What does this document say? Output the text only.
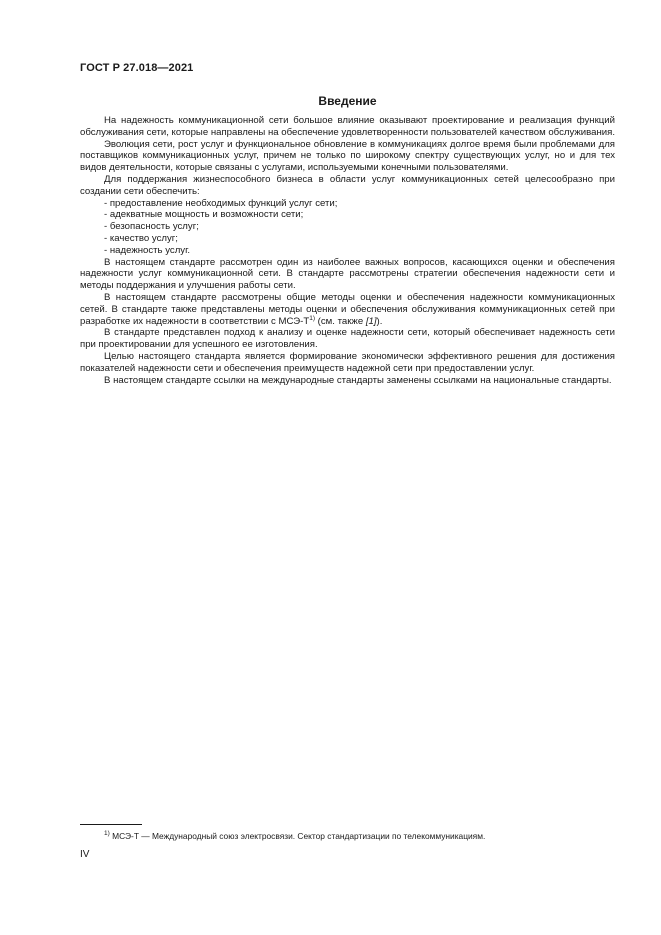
ГОСТ Р 27.018—2021
Введение

На надежность коммуникационной сети большое влияние оказывают проектирование и реализация функций обслуживания сети, которые направлены на обеспечение удовлетворенности пользователей качеством обслуживания.

Эволюция сети, рост услуг и функциональное обновление в коммуникациях долгое время были проблемами для поставщиков коммуникационных услуг, причем не только по широкому спектру существующих услуг, но и для тех видов деятельности, которые связаны с услугами, используемыми конечными пользователями.

Для поддержания жизнеспособного бизнеса в области услуг коммуникационных сетей целесообразно при создании сети обеспечить:

- предоставление необходимых функций услуг сети;

- адекватные мощность и возможности сети;

- безопасность услуг;

- качество услуг;

- надежность услуг.

В настоящем стандарте рассмотрен один из наиболее важных вопросов, касающихся оценки и обеспечения надежности услуг коммуникационной сети. В стандарте рассмотрены стратегии обеспечения надежности сети и методы поддержания и улучшения работы сети.

В настоящем стандарте рассмотрены общие методы оценки и обеспечения надежности коммуникационных сетей. В стандарте также представлены методы оценки и обеспечения обслуживания коммуникационных сетей при разработке их надежности в соответствии с МСЭ-Т$^{1)}$ (см. также [1]).

В стандарте представлен подход к анализу и оценке надежности сети, который обеспечивает надежность сети при проектировании для успешного ее изготовления.

Целью настоящего стандарта является формирование экономически эффективного решения для достижения показателей надежности сети и обеспечения преимуществ надежной сети при предоставлении услуг.

В настоящем стандарте ссылки на международные стандарты заменены ссылками на национальные стандарты.

$^{1)}$ МСЭ-Т — Международный союз электросвязи. Сектор стандартизации по телекоммуникациям.
IV
